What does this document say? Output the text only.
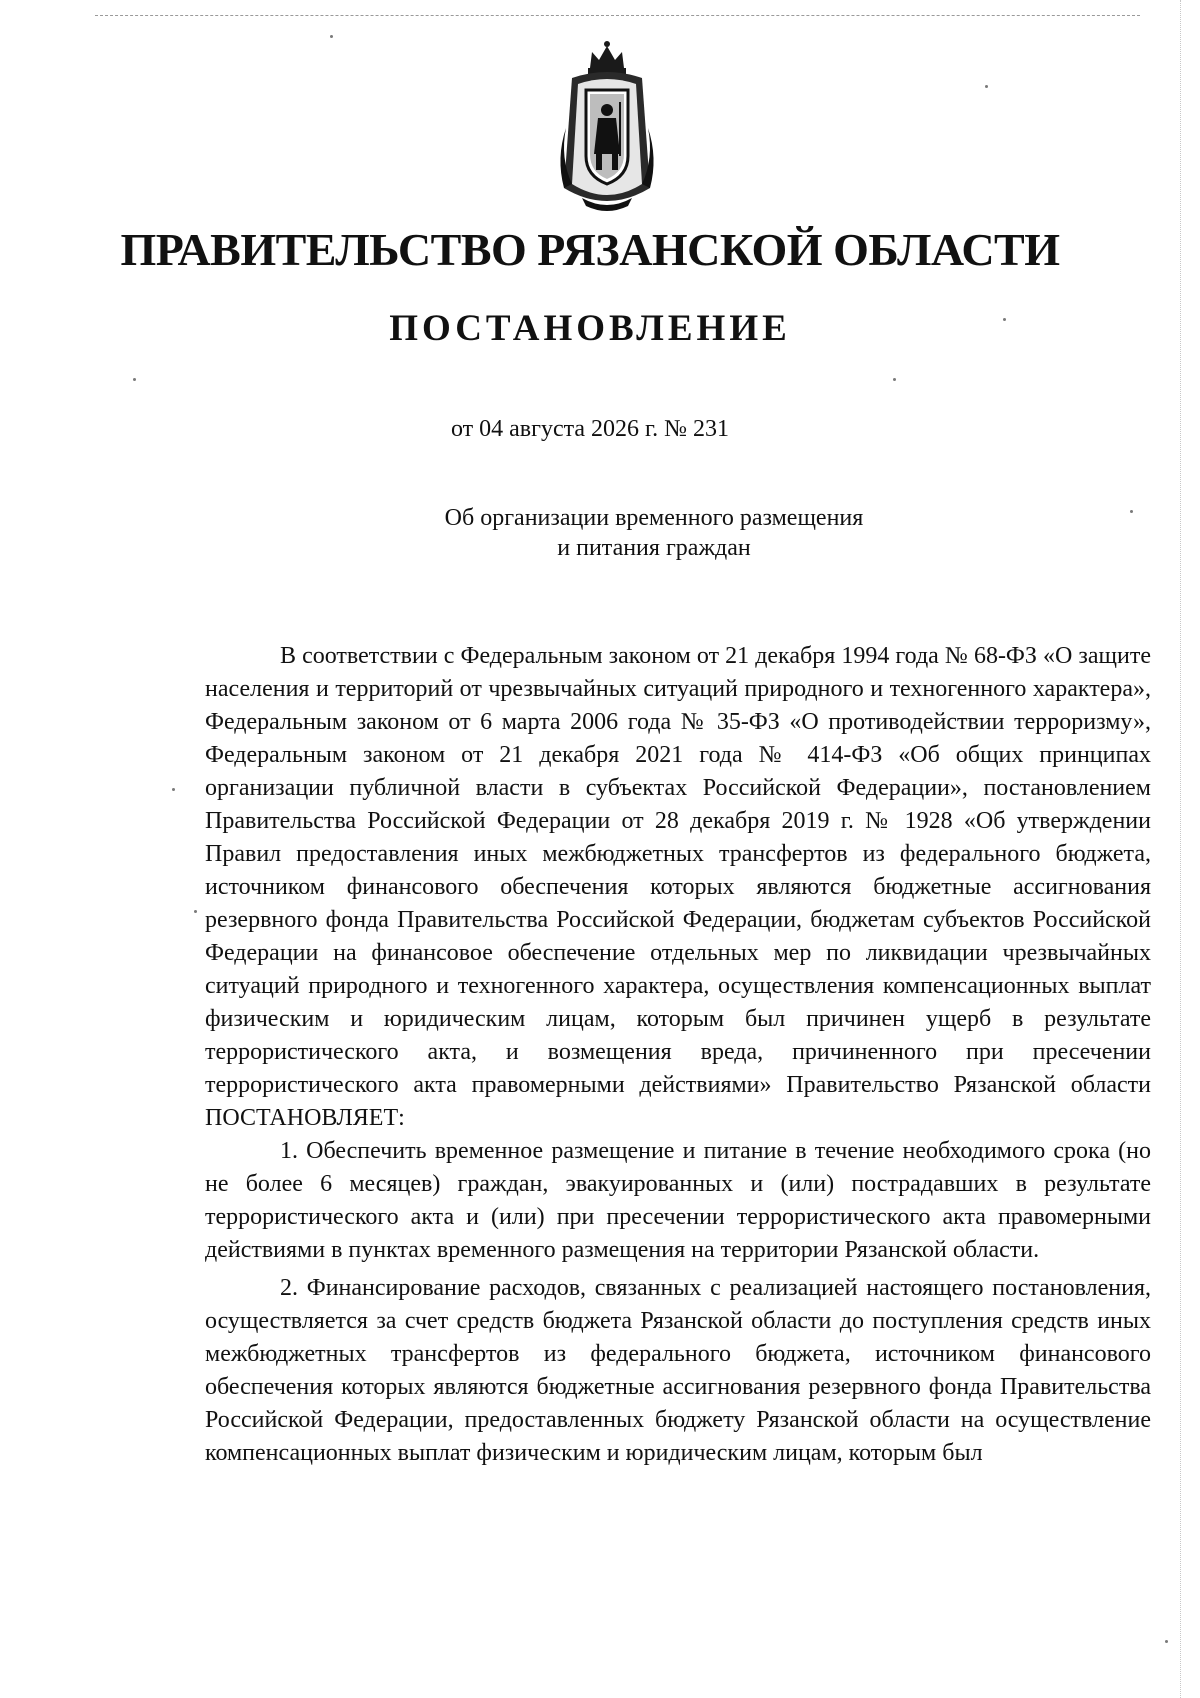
ПРАВИТЕЛЬСТВО РЯЗАНСКОЙ ОБЛАСТИ
ПОСТАНОВЛЕНИЕ
от 04 августа 2026 г. № 231
Об организации временного размещения
и питания граждан

В соответствии с Федеральным законом от 21 декабря 1994 года № 68-ФЗ «О защите населения и территорий от чрезвычайных ситуаций природного и техногенного характера», Федеральным законом от 6 марта 2006 года № 35-ФЗ «О противодействии терроризму», Федеральным законом от 21 декабря 2021 года № 414-ФЗ «Об общих принципах организации публичной власти в субъектах Российской Федерации», постановлением Правительства Российской Федерации от 28 декабря 2019 г. № 1928 «Об утверждении Правил предоставления иных межбюджетных трансфертов из федерального бюджета, источником финансового обеспечения которых являются бюджетные ассигнования резервного фонда Правительства Российской Федерации, бюджетам субъектов Российской Федерации на финансовое обеспечение отдельных мер по ликвидации чрезвычайных ситуаций природного и техногенного характера, осуществления компенсационных выплат физическим и юридическим лицам, которым был причинен ущерб в результате террористического акта, и возмещения вреда, причиненного при пресечении террористического акта правомерными действиями» Правительство Рязанской области ПОСТАНОВЛЯЕТ:

1. Обеспечить временное размещение и питание в течение необходимого срока (но не более 6 месяцев) граждан, эвакуированных и (или) пострадавших в результате террористического акта и (или) при пресечении террористического акта правомерными действиями в пунктах временного размещения на территории Рязанской области.

2. Финансирование расходов, связанных с реализацией настоящего постановления, осуществляется за счет средств бюджета Рязанской области до поступления средств иных межбюджетных трансфертов из федерального бюджета, источником финансового обеспечения которых являются бюджетные ассигнования резервного фонда Правительства Российской Федерации, предоставленных бюджету Рязанской области на осуществление компенсационных выплат физическим и юридическим лицам, которым был
